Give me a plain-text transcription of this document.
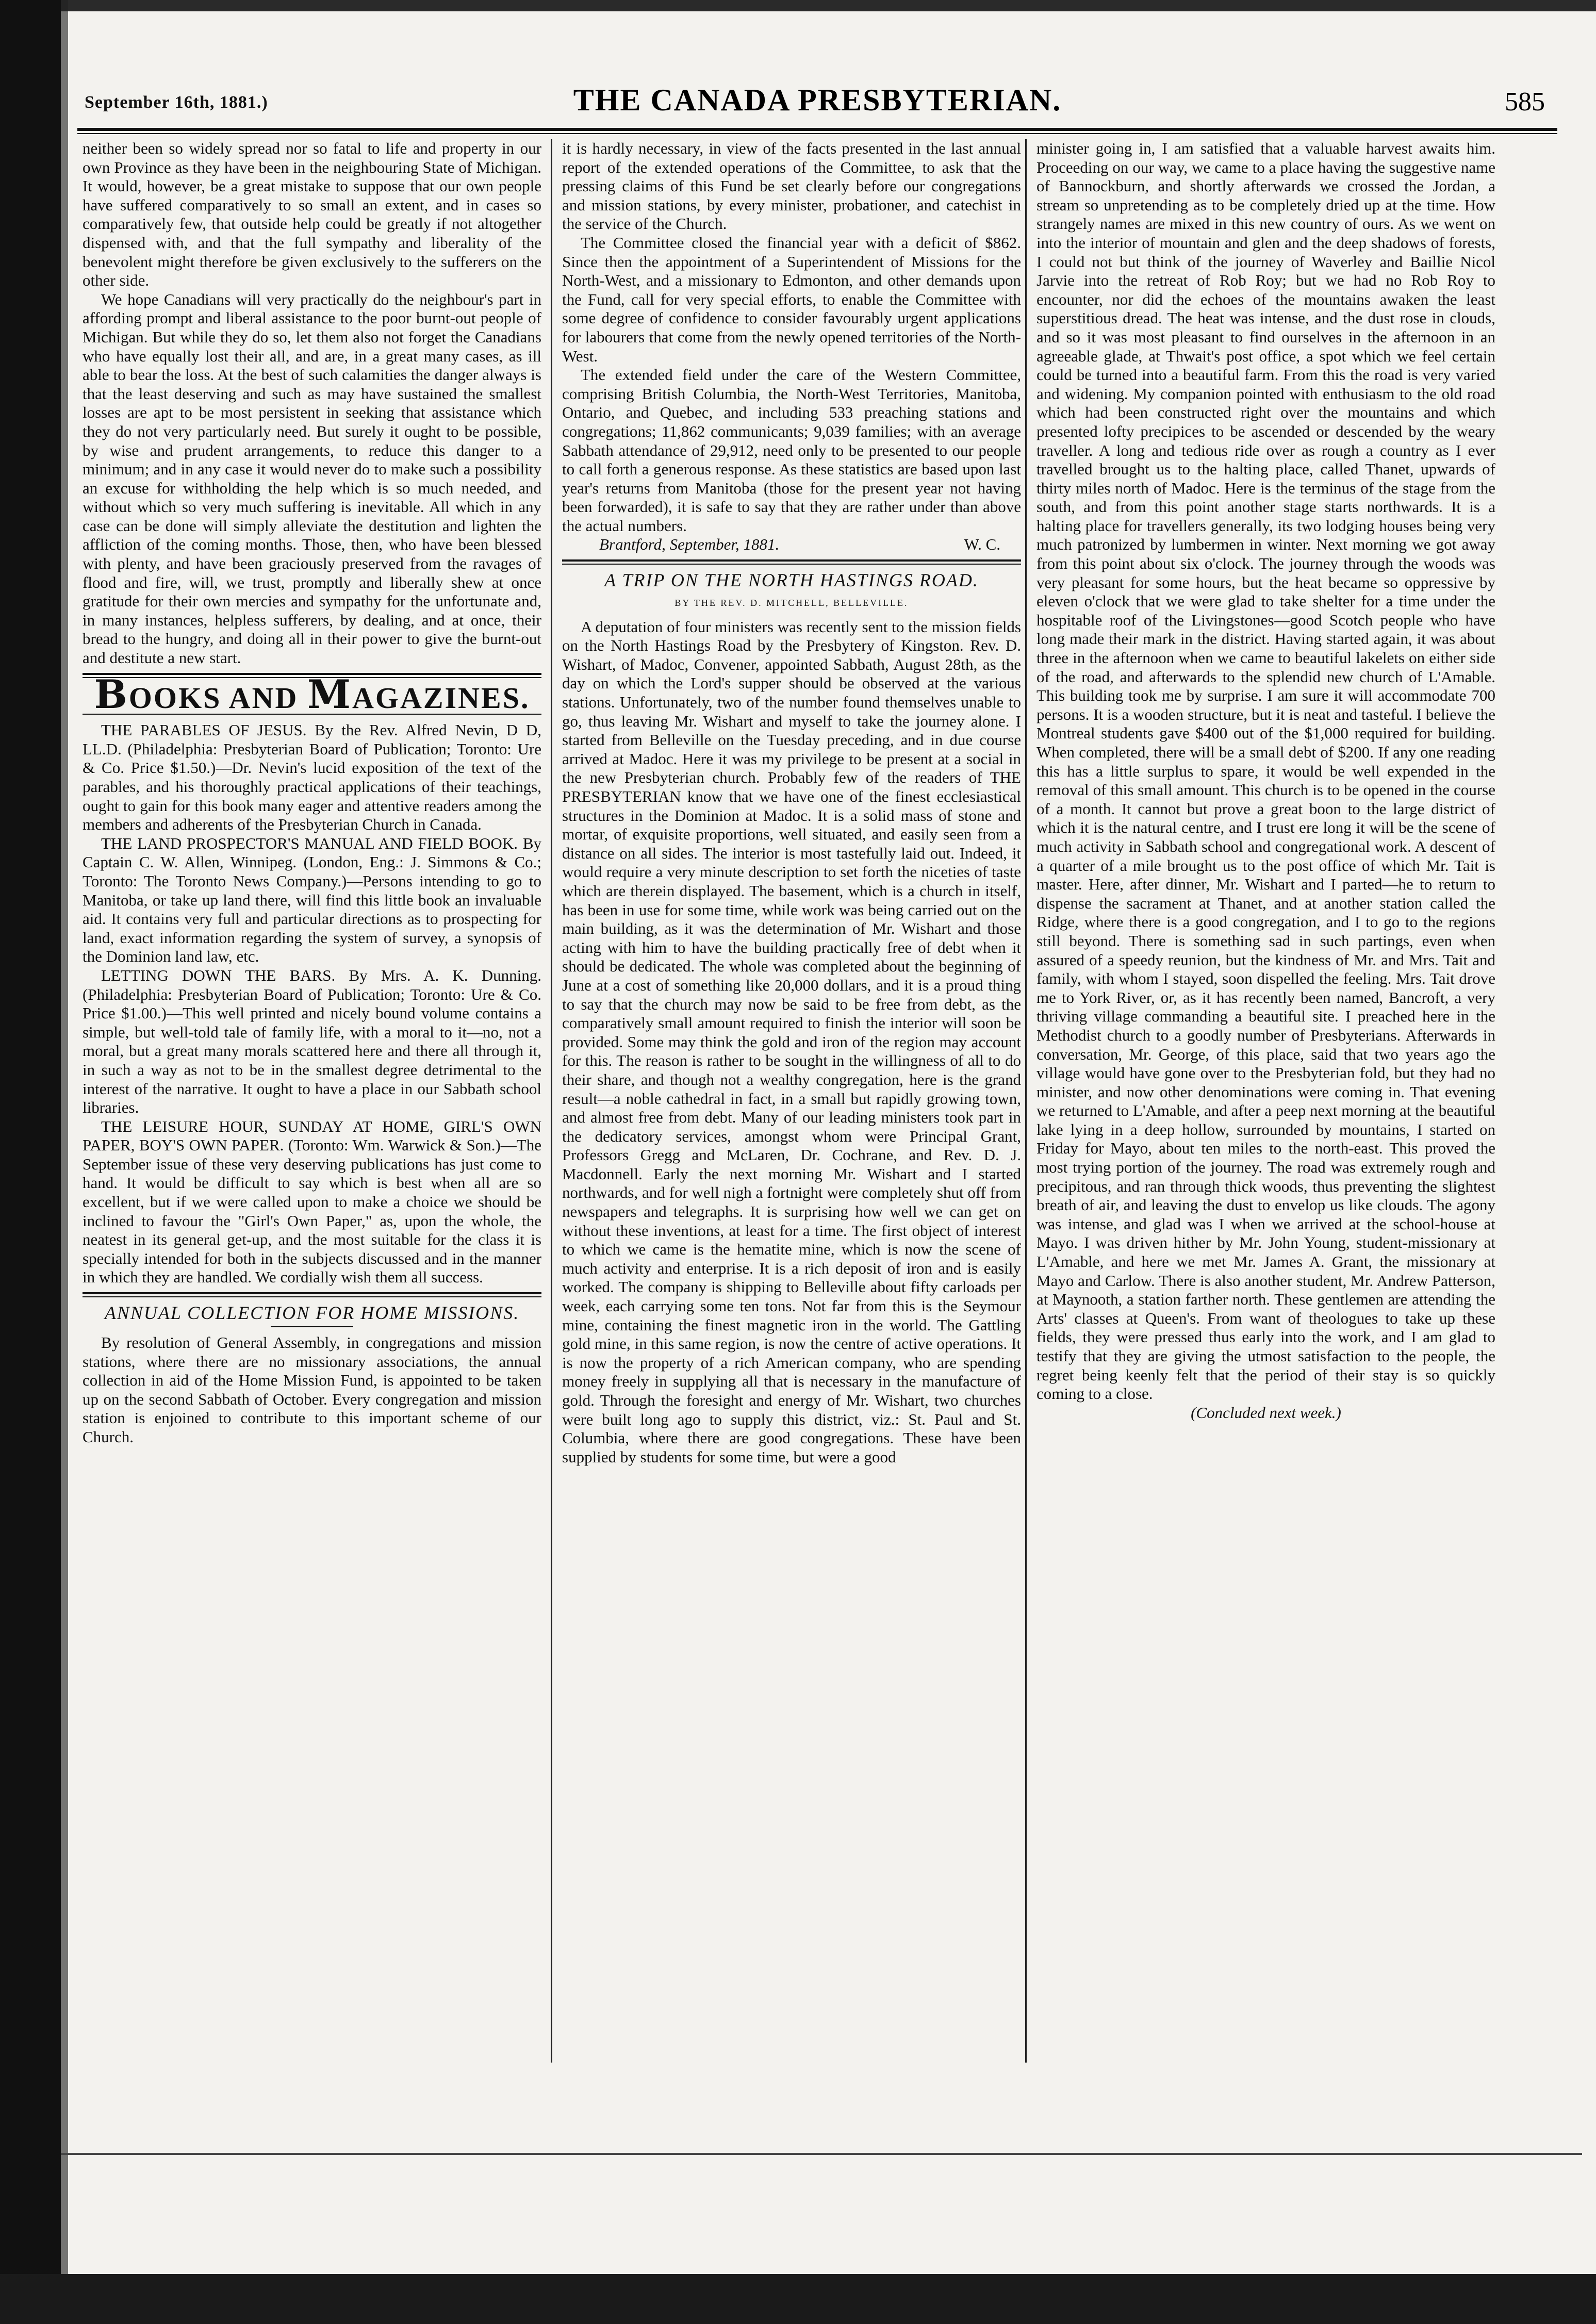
September 16th, 1881.)	THE CANADA PRESBYTERIAN.	585

neither been so widely spread nor so fatal to life and property in our own Province as they have been in the neighbouring State of Michigan. It would, however, be a great mistake to suppose that our own people have suffered comparatively to so small an extent, and in cases so comparatively few, that outside help could be greatly if not altogether dispensed with, and that the full sympathy and liberality of the benevolent might therefore be given exclusively to the sufferers on the other side.

We hope Canadians will very practically do the neighbour's part in affording prompt and liberal assistance to the poor burnt-out people of Michigan. But while they do so, let them also not forget the Canadians who have equally lost their all, and are, in a great many cases, as ill able to bear the loss. At the best of such calamities the danger always is that the least deserving and such as may have sustained the smallest losses are apt to be most persistent in seeking that assistance which they do not very particularly need. But surely it ought to be possible, by wise and prudent arrangements, to reduce this danger to a minimum; and in any case it would never do to make such a possibility an excuse for withholding the help which is so much needed, and without which so very much suffering is inevitable. All which in any case can be done will simply alleviate the destitution and lighten the affliction of the coming months. Those, then, who have been blessed with plenty, and have been graciously preserved from the ravages of flood and fire, will, we trust, promptly and liberally shew at once gratitude for their own mercies and sympathy for the unfortunate and, in many instances, helpless sufferers, by dealing, and at once, their bread to the hungry, and doing all in their power to give the burnt-out and destitute a new start.

BOOKS AND MAGAZINES.

THE PARABLES OF JESUS. By the Rev. Alfred Nevin, D D, LL.D. (Philadelphia: Presbyterian Board of Publication; Toronto: Ure & Co. Price $1.50.)—Dr. Nevin's lucid exposition of the text of the parables, and his thoroughly practical applications of their teachings, ought to gain for this book many eager and attentive readers among the members and adherents of the Presbyterian Church in Canada.

THE LAND PROSPECTOR'S MANUAL AND FIELD BOOK. By Captain C. W. Allen, Winnipeg. (London, Eng.: J. Simmons & Co.; Toronto: The Toronto News Company.)—Persons intending to go to Manitoba, or take up land there, will find this little book an invaluable aid. It contains very full and particular directions as to prospecting for land, exact information regarding the system of survey, a synopsis of the Dominion land law, etc.

LETTING DOWN THE BARS. By Mrs. A. K. Dunning. (Philadelphia: Presbyterian Board of Publication; Toronto: Ure & Co. Price $1.00.)—This well printed and nicely bound volume contains a simple, but well-told tale of family life, with a moral to it—no, not a moral, but a great many morals scattered here and there all through it, in such a way as not to be in the smallest degree detrimental to the interest of the narrative. It ought to have a place in our Sabbath school libraries.

THE LEISURE HOUR, SUNDAY AT HOME, GIRL'S OWN PAPER, BOY'S OWN PAPER. (Toronto: Wm. Warwick & Son.)—The September issue of these very deserving publications has just come to hand. It would be difficult to say which is best when all are so excellent, but if we were called upon to make a choice we should be inclined to favour the "Girl's Own Paper," as, upon the whole, the neatest in its general get-up, and the most suitable for the class it is specially intended for both in the subjects discussed and in the manner in which they are handled. We cordially wish them all success.

ANNUAL COLLECTION FOR HOME MISSIONS.

By resolution of General Assembly, in congregations and mission stations, where there are no missionary associations, the annual collection in aid of the Home Mission Fund, is appointed to be taken up on the second Sabbath of October. Every congregation and mission station is enjoined to contribute to this important scheme of our Church.

it is hardly necessary, in view of the facts presented in the last annual report of the extended operations of the Committee, to ask that the pressing claims of this Fund be set clearly before our congregations and mission stations, by every minister, probationer, and catechist in the service of the Church.

The Committee closed the financial year with a deficit of $862. Since then the appointment of a Superintendent of Missions for the North-West, and a missionary to Edmonton, and other demands upon the Fund, call for very special efforts, to enable the Committee with some degree of confidence to consider favourably urgent applications for labourers that come from the newly opened territories of the North-West.

The extended field under the care of the Western Committee, comprising British Columbia, the North-West Territories, Manitoba, Ontario, and Quebec, and including 533 preaching stations and congregations; 11,862 communicants; 9,039 families; with an average Sabbath attendance of 29,912, need only to be presented to our people to call forth a generous response. As these statistics are based upon last year's returns from Manitoba (those for the present year not having been forwarded), it is safe to say that they are rather under than above the actual numbers.

Brantford, September, 1881.	W. C.

A TRIP ON THE NORTH HASTINGS ROAD.
BY THE REV. D. MITCHELL, BELLEVILLE.

A deputation of four ministers was recently sent to the mission fields on the North Hastings Road by the Presbytery of Kingston. Rev. D. Wishart, of Madoc, Convener, appointed Sabbath, August 28th, as the day on which the Lord's supper should be observed at the various stations. Unfortunately, two of the number found themselves unable to go, thus leaving Mr. Wishart and myself to take the journey alone. I started from Belleville on the Tuesday preceding, and in due course arrived at Madoc. Here it was my privilege to be present at a social in the new Presbyterian church. Probably few of the readers of THE PRESBYTERIAN know that we have one of the finest ecclesiastical structures in the Dominion at Madoc. It is a solid mass of stone and mortar, of exquisite proportions, well situated, and easily seen from a distance on all sides. The interior is most tastefully laid out. Indeed, it would require a very minute description to set forth the niceties of taste which are therein displayed. The basement, which is a church in itself, has been in use for some time, while work was being carried out on the main building, as it was the determination of Mr. Wishart and those acting with him to have the building practically free of debt when it should be dedicated. The whole was completed about the beginning of June at a cost of something like 20,000 dollars, and it is a proud thing to say that the church may now be said to be free from debt, as the comparatively small amount required to finish the interior will soon be provided. Some may think the gold and iron of the region may account for this. The reason is rather to be sought in the willingness of all to do their share, and though not a wealthy congregation, here is the grand result—a noble cathedral in fact, in a small but rapidly growing town, and almost free from debt. Many of our leading ministers took part in the dedicatory services, amongst whom were Principal Grant, Professors Gregg and McLaren, Dr. Cochrane, and Rev. D. J. Macdonnell. Early the next morning Mr. Wishart and I started northwards, and for well nigh a fortnight were completely shut off from newspapers and telegraphs. It is surprising how well we can get on without these inventions, at least for a time. The first object of interest to which we came is the hematite mine, which is now the scene of much activity and enterprise. It is a rich deposit of iron and is easily worked. The company is shipping to Belleville about fifty carloads per week, each carrying some ten tons. Not far from this is the Seymour mine, containing the finest magnetic iron in the world. The Gattling gold mine, in this same region, is now the centre of active operations. It is now the property of a rich American company, who are spending money freely in supplying all that is necessary in the manufacture of gold. Through the foresight and energy of Mr. Wishart, two churches were built long ago to supply this district, viz.: St. Paul and St. Columbia, where there are good congregations. These have been supplied by students for some time, but were a good

minister going in, I am satisfied that a valuable harvest awaits him. Proceeding on our way, we came to a place having the suggestive name of Bannockburn, and shortly afterwards we crossed the Jordan, a stream so unpretending as to be completely dried up at the time. How strangely names are mixed in this new country of ours. As we went on into the interior of mountain and glen and the deep shadows of forests, I could not but think of the journey of Waverley and Baillie Nicol Jarvie into the retreat of Rob Roy; but we had no Rob Roy to encounter, nor did the echoes of the mountains awaken the least superstitious dread. The heat was intense, and the dust rose in clouds, and so it was most pleasant to find ourselves in the afternoon in an agreeable glade, at Thwait's post office, a spot which we feel certain could be turned into a beautiful farm. From this the road is very varied and widening. My companion pointed with enthusiasm to the old road which had been constructed right over the mountains and which presented lofty precipices to be ascended or descended by the weary traveller. A long and tedious ride over as rough a country as I ever travelled brought us to the halting place, called Thanet, upwards of thirty miles north of Madoc. Here is the terminus of the stage from the south, and from this point another stage starts northwards. It is a halting place for travellers generally, its two lodging houses being very much patronized by lumbermen in winter. Next morning we got away from this point about six o'clock. The journey through the woods was very pleasant for some hours, but the heat became so oppressive by eleven o'clock that we were glad to take shelter for a time under the hospitable roof of the Livingstones—good Scotch people who have long made their mark in the district. Having started again, it was about three in the afternoon when we came to beautiful lakelets on either side of the road, and afterwards to the splendid new church of L'Amable. This building took me by surprise. I am sure it will accommodate 700 persons. It is a wooden structure, but it is neat and tasteful. I believe the Montreal students gave $400 out of the $1,000 required for building. When completed, there will be a small debt of $200. If any one reading this has a little surplus to spare, it would be well expended in the removal of this small amount. This church is to be opened in the course of a month. It cannot but prove a great boon to the large district of which it is the natural centre, and I trust ere long it will be the scene of much activity in Sabbath school and congregational work. A descent of a quarter of a mile brought us to the post office of which Mr. Tait is master. Here, after dinner, Mr. Wishart and I parted—he to return to dispense the sacrament at Thanet, and at another station called the Ridge, where there is a good congregation, and I to go to the regions still beyond. There is something sad in such partings, even when assured of a speedy reunion, but the kindness of Mr. and Mrs. Tait and family, with whom I stayed, soon dispelled the feeling. Mrs. Tait drove me to York River, or, as it has recently been named, Bancroft, a very thriving village commanding a beautiful site. I preached here in the Methodist church to a goodly number of Presbyterians. Afterwards in conversation, Mr. George, of this place, said that two years ago the village would have gone over to the Presbyterian fold, but they had no minister, and now other denominations were coming in. That evening we returned to L'Amable, and after a peep next morning at the beautiful lake lying in a deep hollow, surrounded by mountains, I started on Friday for Mayo, about ten miles to the north-east. This proved the most trying portion of the journey. The road was extremely rough and precipitous, and ran through thick woods, thus preventing the slightest breath of air, and leaving the dust to envelop us like clouds. The agony was intense, and glad was I when we arrived at the school-house at Mayo. I was driven hither by Mr. John Young, student-missionary at L'Amable, and here we met Mr. James A. Grant, the missionary at Mayo and Carlow. There is also another student, Mr. Andrew Patterson, at Maynooth, a station farther north. These gentlemen are attending the Arts' classes at Queen's. From want of theologues to take up these fields, they were pressed thus early into the work, and I am glad to testify that they are giving the utmost satisfaction to the people, the regret being keenly felt that the period of their stay is so quickly coming to a close.

(Concluded next week.)
